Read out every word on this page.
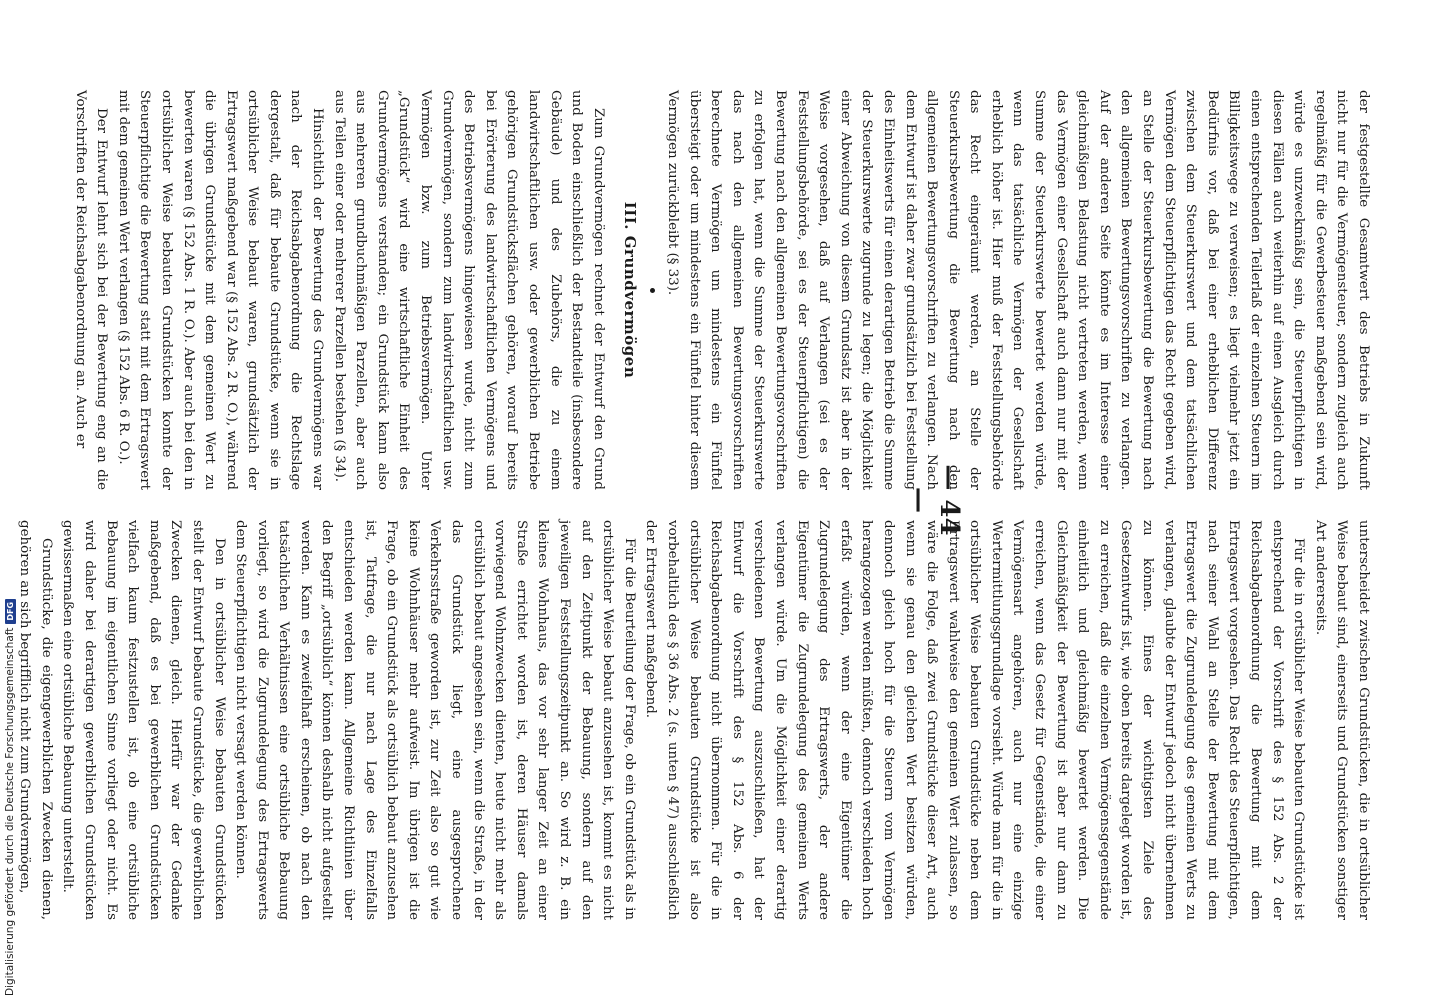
— 44 —

unterscheidet zwischen Grundstücken, die in ortsüblicher Weise bebaut sind, einerseits und Grundstücken sonstiger Art andererseits.

Für die in ortsüblicher Weise bebauten Grundstücke ist entsprechend der Vorschrift des § 152 Abs. 2 der Reichsabgabenordnung die Bewertung mit dem Ertragswert vorgesehen. Das Recht des Steuerpflichtigen, nach seiner Wahl an Stelle der Bewertung mit dem Ertragswert die Zugrundelegung des gemeinen Werts zu verlangen, glaubte der Entwurf jedoch nicht übernehmen zu können. Eines der wichtigsten Ziele des Gesetzentwurfs ist, wie oben bereits dargelegt worden ist, zu erreichen, daß die einzelnen Vermögensgegenstände einheitlich und gleichmäßig bewertet werden. Die Gleichmäßigkeit der Bewertung ist aber nur dann zu erreichen, wenn das Gesetz für Gegenstände, die einer Vermögensart angehören, auch nur eine einzige Wertermittlungsgrundlage vorsieht. Würde man für die in ortsüblicher Weise bebauten Grundstücke neben dem Ertragswert wahlweise den gemeinen Wert zulassen, so wäre die Folge, daß zwei Grundstücke dieser Art, auch wenn sie genau den gleichen Wert besitzen würden, dennoch gleich hoch für die Steuern vom Vermögen herangezogen werden müßten, dennoch verschieden hoch erfaßt würden, wenn der eine Eigentümer die Zugrundelegung des Ertragswerts, der andere Eigentümer die Zugrundelegung des gemeinen Werts verlangen würde. Um die Möglichkeit einer derartig verschiedenen Bewertung auszuschließen, hat der Entwurf die Vorschrift des § 152 Abs. 6 der Reichsabgabenordnung nicht übernommen. Für die in ortsüblicher Weise bebauten Grundstücke ist also vorbehaltlich des § 36 Abs. 2 (s. unten § 47) ausschließlich der Ertragswert maßgebend.

Für die Beurteilung der Frage, ob ein Grundstück als in ortsüblicher Weise bebaut anzusehen ist, kommt es nicht auf den Zeitpunkt der Bebauung, sondern auf den jeweiligen Feststellungszeitpunkt an. So wird z. B. ein kleines Wohnhaus, das vor sehr langer Zeit an einer Straße errichtet worden ist, deren Häuser damals vorwiegend Wohnzwecken dienten, heute nicht mehr als ortsüblich bebaut angesehen sein, wenn die Straße, in der das Grundstück liegt, eine ausgesprochene Verkehrsstraße geworden ist, zur Zeit also so gut wie keine Wohnhäuser mehr aufweist. Im übrigen ist die Frage, ob ein Grundstück als ortsüblich bebaut anzusehen ist, Tatfrage, die nur nach Lage des Einzelfalls entschieden werden kann. Allgemeine Richtlinien über den Begriff „ortsüblich“ können deshalb nicht aufgestellt werden. Kann es zweifelhaft erscheinen, ob nach den tatsächlichen Verhältnissen eine ortsübliche Bebauung vorliegt, so wird die Zugrundelegung des Ertragswerts dem Steuerpflichtigen nicht versagt werden können.

Den in ortsüblicher Weise bebauten Grundstücken stellt der Entwurf bebaute Grundstücke, die gewerblichen Zwecken dienen, gleich. Hierfür war der Gedanke maßgebend, daß es bei gewerblichen Grundstücken vielfach kaum festzustellen ist, ob eine ortsübliche Bebauung im eigentlichen Sinne vorliegt oder nicht. Es wird daher bei derartigen gewerblichen Grundstücken gewissermaßen eine ortsübliche Bebauung unterstellt.

Grundstücke, die eigengewerblichen Zwecken dienen, gehören an sich begrifflich nicht zum Grundvermögen,

der festgestellte Gesamtwert des Betriebs in Zukunft nicht nur für die Vermögensteuer, sondern zugleich auch regelmäßig für die Gewerbesteuer maßgebend sein wird, würde es unzweckmäßig sein, die Steuerpflichtigen in diesen Fällen auch weiterhin auf einen Ausgleich durch einen entsprechenden Teilerlaß der einzelnen Steuern im Billigkeitswege zu verweisen; es liegt vielmehr jetzt ein Bedürfnis vor, daß bei einer erheblichen Differenz zwischen dem Steuerkurswert und dem tatsächlichen Vermögen dem Steuerpflichtigen das Recht gegeben wird, an Stelle der Steuerkursbewertung die Bewertung nach den allgemeinen Bewertungsvorschriften zu verlangen. Auf der anderen Seite könnte es im Interesse einer gleichmäßigen Belastung nicht vertreten werden, wenn das Vermögen einer Gesellschaft auch dann nur mit der Summe der Steuerkurswerte bewertet werden würde, wenn das tatsächliche Vermögen der Gesellschaft erheblich höher ist. Hier muß der Feststellungsbehörde das Recht eingeräumt werden, an Stelle der Steuerkursbewertung die Bewertung nach den allgemeinen Bewertungsvorschriften zu verlangen. Nach dem Entwurf ist daher zwar grundsätzlich bei Feststellung des Einheitswerts für einen derartigen Betrieb die Summe der Steuerkurswerte zugrunde zu legen; die Möglichkeit einer Abweichung von diesem Grundsatz ist aber in der Weise vorgesehen, daß auf Verlangen (sei es der Feststellungsbehörde, sei es der Steuerpflichtigen) die Bewertung nach den allgemeinen Bewertungsvorschriften zu erfolgen hat, wenn die Summe der Steuerkurswerte das nach den allgemeinen Bewertungsvorschriften berechnete Vermögen um mindestens ein Fünftel übersteigt oder um mindestens ein Fünftel hinter diesem Vermögen zurückbleibt (§ 33).

III. Grundvermögen

Zum Grundvermögen rechnet der Entwurf den Grund und Boden einschließlich der Bestandteile (insbesondere Gebäude) und des Zubehörs, die zu einem landwirtschaftlichen usw. oder gewerblichen Betriebe gehörigen Grundstücksflächen gehören, worauf bereits bei Erörterung des landwirtschaftlichen Vermögens und des Betriebsvermögens hingewiesen wurde, nicht zum Grundvermögen, sondern zum landwirtschaftlichen usw. Vermögen bzw. zum Betriebsvermögen. Unter „Grundstück“ wird eine wirtschaftliche Einheit des Grundvermögens verstanden; ein Grundstück kann also aus mehreren grundbuchmäßigen Parzellen, aber auch aus Teilen einer oder mehrerer Parzellen bestehen (§ 34).

Hinsichtlich der Bewertung des Grundvermögens war nach der Reichsabgabenordnung die Rechtslage dergestalt, daß für bebaute Grundstücke, wenn sie in ortsüblicher Weise bebaut waren, grundsätzlich der Ertragswert maßgebend war (§ 152 Abs. 2 R. O.), während die übrigen Grundstücke mit dem gemeinen Wert zu bewerten waren (§ 152 Abs. 1 R. O.). Aber auch bei den in ortsüblicher Weise bebauten Grundstücken konnte der Steuerpflichtige die Bewertung statt mit dem Ertragswert mit dem gemeinen Wert verlangen (§ 152 Abs. 6 R. O.).

Der Entwurf lehnt sich bei der Bewertung eng an die Vorschriften der Reichsabgabenordnung an. Auch er

Digitalisierung gefördert durch die Deutsche Forschungsgemeinschaft
DFG
